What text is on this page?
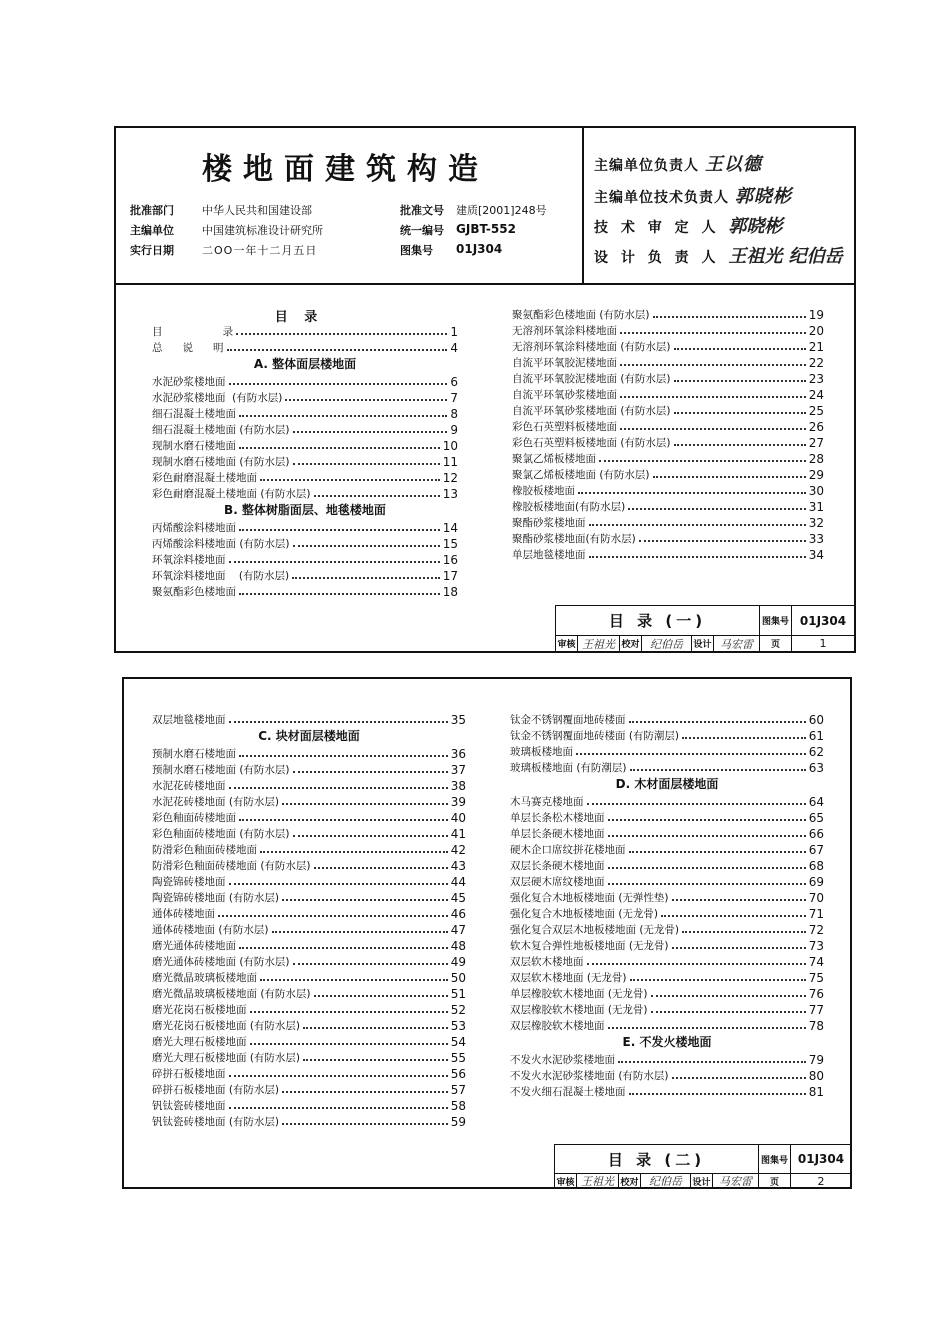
楼地面建筑构造
批准部门	中华人民共和国建设部	批准文号 建质[2001]248号
主编单位	中国建筑标准设计研究所	统一编号 GJBT-552
实行日期	二OO一年十二月五日	图集号 01J304
主编单位负责人 王以德
主编单位技术负责人 郭晓彬
技 术 审 定 人 郭晓彬
设 计 负 责 人 王祖光 纪伯岳
目 录
目                  录	1
总      说      明	4
A. 整体面层楼地面
水泥砂浆楼地面	6
水泥砂浆楼地面  (有防水层)	7
细石混凝土楼地面	8
细石混凝土楼地面 (有防水层)	9
现制水磨石楼地面	10
现制水磨石楼地面 (有防水层)	11
彩色耐磨混凝土楼地面	12
彩色耐磨混凝土楼地面 (有防水层)	13
B. 整体树脂面层、地毯楼地面
丙烯酸涂料楼地面	14
丙烯酸涂料楼地面 (有防水层)	15
环氧涂料楼地面	16
环氧涂料楼地面    (有防水层)	17
聚氨酯彩色楼地面	18
聚氨酯彩色楼地面 (有防水层)	19
无溶剂环氧涂料楼地面	20
无溶剂环氧涂料楼地面 (有防水层)	21
自流平环氧胶泥楼地面	22
自流平环氧胶泥楼地面 (有防水层)	23
自流平环氧砂浆楼地面	24
自流平环氧砂浆楼地面 (有防水层)	25
彩色石英塑料板楼地面	26
彩色石英塑料板楼地面 (有防水层)	27
聚氯乙烯板楼地面	28
聚氯乙烯板楼地面 (有防水层)	29
橡胶板楼地面	30
橡胶板楼地面(有防水层)	31
聚酯砂浆楼地面	32
聚酯砂浆楼地面(有防水层)	33
单层地毯楼地面	34
目 录 (一)	图集号 01J304
审核 王祖光 校对 纪伯岳	设计 马宏雷	页	1
双层地毯楼地面	35
C. 块材面层楼地面
预制水磨石楼地面	36
预制水磨石楼地面 (有防水层)	37
水泥花砖楼地面	38
水泥花砖楼地面 (有防水层)	39
彩色釉面砖楼地面	40
彩色釉面砖楼地面 (有防水层)	41
防滑彩色釉面砖楼地面	42
防滑彩色釉面砖楼地面 (有防水层)	43
陶瓷锦砖楼地面	44
陶瓷锦砖楼地面 (有防水层)	45
通体砖楼地面	46
通体砖楼地面 (有防水层)	47
磨光通体砖楼地面	48
磨光通体砖楼地面 (有防水层)	49
磨光微晶玻璃板楼地面	50
磨光微晶玻璃板楼地面 (有防水层)	51
磨光花岗石板楼地面	52
磨光花岗石板楼地面 (有防水层)	53
磨光大理石板楼地面	54
磨光大理石板楼地面 (有防水层)	55
碎拼石板楼地面	56
碎拼石板楼地面 (有防水层)	57
钒钛瓷砖楼地面	58
钒钛瓷砖楼地面 (有防水层)	59
钛金不锈钢覆面地砖楼面	60
钛金不锈钢覆面地砖楼面 (有防潮层)	61
玻璃板楼地面	62
玻璃板楼地面 (有防潮层)	63
D. 木材面层楼地面
木马赛克楼地面	64
单层长条松木楼地面	65
单层长条硬木楼地面	66
硬木企口席纹拼花楼地面	67
双层长条硬木楼地面	68
双层硬木席纹楼地面	69
强化复合木地板楼地面 (无弹性垫)	70
强化复合木地板楼地面 (无龙骨)	71
强化复合双层木地板楼地面 (无龙骨)	72
软木复合弹性地板楼地面 (无龙骨)	73
双层软木楼地面	74
双层软木楼地面 (无龙骨)	75
单层橡胶软木楼地面 (无龙骨)	76
双层橡胶软木楼地面 (无龙骨)	77
双层橡胶软木楼地面	78
E. 不发火楼地面
不发火水泥砂浆楼地面	79
不发火水泥砂浆楼地面 (有防水层)	80
不发火细石混凝土楼地面	81
目 录 (二)	图集号 01J304
审核 王祖光 校对 纪伯岳	设计 马宏雷	页	2
